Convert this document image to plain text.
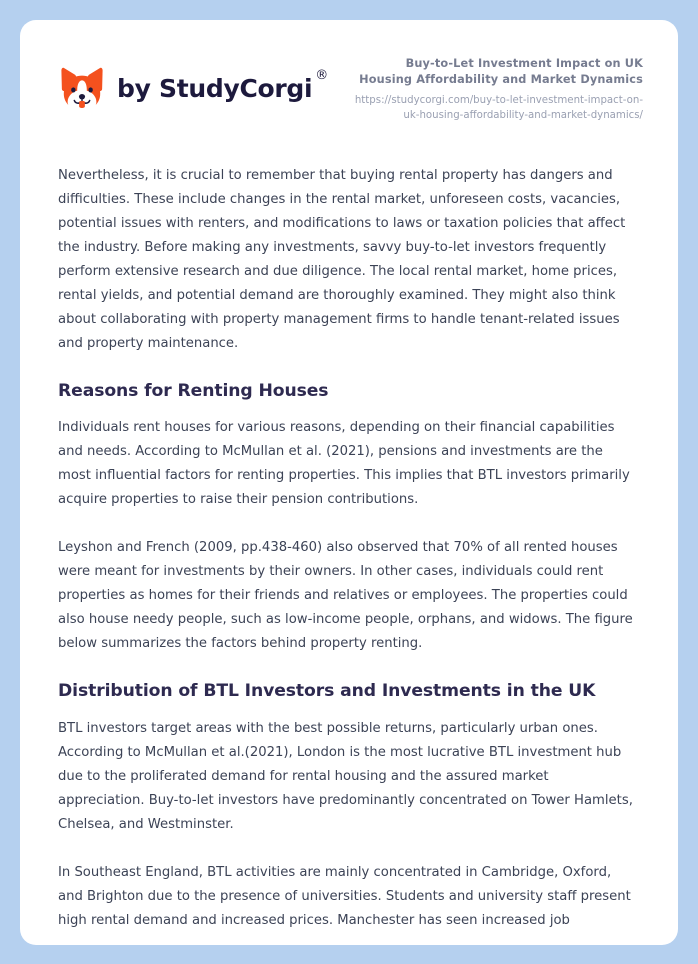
by StudyCorgi ®
Buy-to-Let Investment Impact on UK Housing Affordability and Market Dynamics

https://studycorgi.com/buy-to-let-investment-impact-on-uk-housing-affordability-and-market-dynamics/

Nevertheless, it is crucial to remember that buying rental property has dangers and difficulties. These include changes in the rental market, unforeseen costs, vacancies, potential issues with renters, and modifications to laws or taxation policies that affect the industry. Before making any investments, savvy buy-to-let investors frequently perform extensive research and due diligence. The local rental market, home prices, rental yields, and potential demand are thoroughly examined. They might also think about collaborating with property management firms to handle tenant-related issues and property maintenance.

Reasons for Renting Houses

Individuals rent houses for various reasons, depending on their financial capabilities and needs. According to McMullan et al. (2021), pensions and investments are the most influential factors for renting properties. This implies that BTL investors primarily acquire properties to raise their pension contributions.

Leyshon and French (2009, pp.438-460) also observed that 70% of all rented houses were meant for investments by their owners. In other cases, individuals could rent properties as homes for their friends and relatives or employees. The properties could also house needy people, such as low-income people, orphans, and widows. The figure below summarizes the factors behind property renting.

Distribution of BTL Investors and Investments in the UK

BTL investors target areas with the best possible returns, particularly urban ones. According to McMullan et al.(2021), London is the most lucrative BTL investment hub due to the proliferated demand for rental housing and the assured market appreciation. Buy-to-let investors have predominantly concentrated on Tower Hamlets, Chelsea, and Westminster.

In Southeast England, BTL activities are mainly concentrated in Cambridge, Oxford, and Brighton due to the presence of universities. Students and university staff present high rental demand and increased prices. Manchester has seen increased job
